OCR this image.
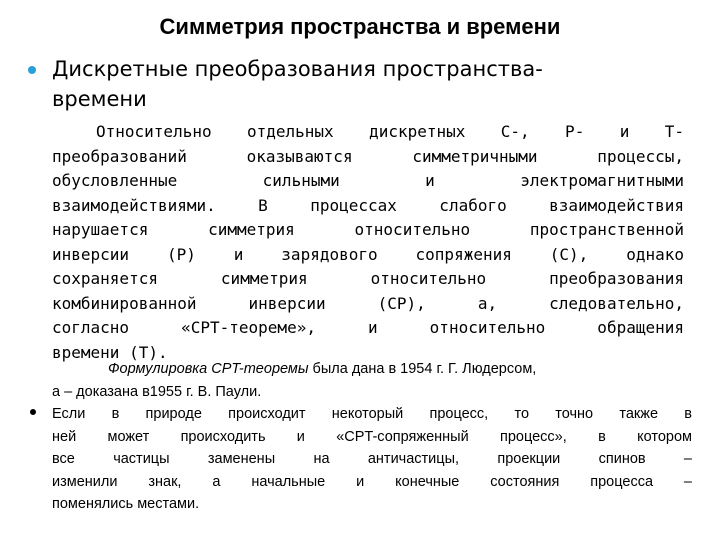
Симметрия пространства и времени
Дискретные преобразования пространства-
времени
Относительно отдельных дискретных C-, P- и T-
преобразований оказываются симметричными процессы,
обусловленные сильными и электромагнитными
взаимодействиями. В процессах слабого взаимодействия
нарушается симметрия относительно пространственной
инверсии (P) и зарядового сопряжения (C), однако
сохраняется симметрия относительно преобразования
комбинированной инверсии (CP), а, следовательно,
согласно «CPT-теореме», и относительно обращения
времени (T).
Формулировка CPT-теоремы была дана в 1954 г. Г. Людерсом,
а – доказана в1955 г. В. Паули.
Если в природе происходит некоторый процесс, то точно также в
ней может происходить и «CPT-сопряженный процесс», в котором
все частицы заменены на античастицы, проекции спинов –
изменили знак, а начальные и конечные состояния процесса –
поменялись местами.
